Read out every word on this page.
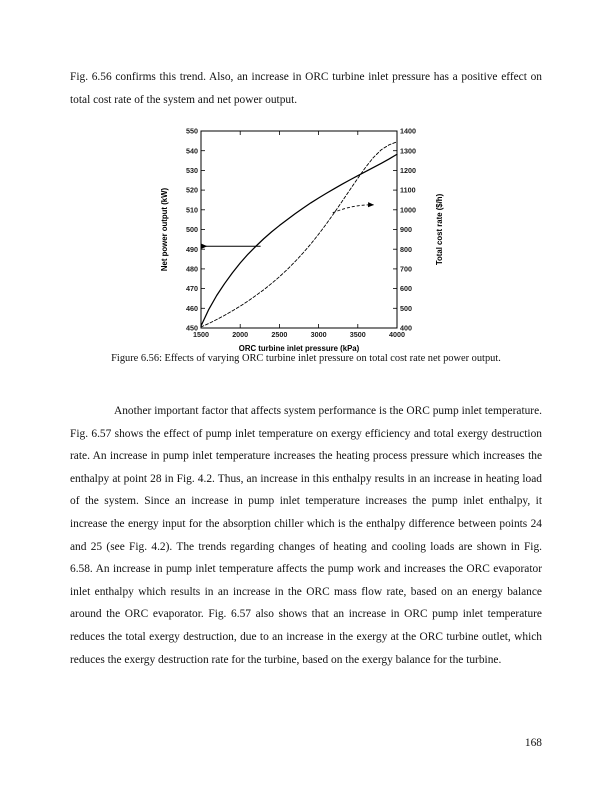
Fig. 6.56 confirms this trend. Also, an increase in ORC turbine inlet pressure has a positive effect on total cost rate of the system and net power output.
450
460
470
480
490
500
510
520
530
540
550
400
500
600
700
800
900
1000
1100
1200
1300
1400
1500	2000	2500	3000	3500	4000
Net power output (kW)	Total cost rate ($/h)
ORC turbine inlet pressure (kPa)
Figure 6.56: Effects of varying ORC turbine inlet pressure on total cost rate net power output.
Another important factor that affects system performance is the ORC pump inlet temperature. Fig. 6.57 shows the effect of pump inlet temperature on exergy efficiency and total exergy destruction rate. An increase in pump inlet temperature increases the heating process pressure which increases the enthalpy at point 28 in Fig. 4.2. Thus, an increase in this enthalpy results in an increase in heating load of the system. Since an increase in pump inlet temperature increases the pump inlet enthalpy, it increase the energy input for the absorption chiller which is the enthalpy difference between points 24 and 25 (see Fig. 4.2). The trends regarding changes of heating and cooling loads are shown in Fig. 6.58. An increase in pump inlet temperature affects the pump work and increases the ORC evaporator inlet enthalpy which results in an increase in the ORC mass flow rate, based on an energy balance around the ORC evaporator. Fig. 6.57 also shows that an increase in ORC pump inlet temperature reduces the total exergy destruction, due to an increase in the exergy at the ORC turbine outlet, which reduces the exergy destruction rate for the turbine, based on the exergy balance for the turbine.
168
